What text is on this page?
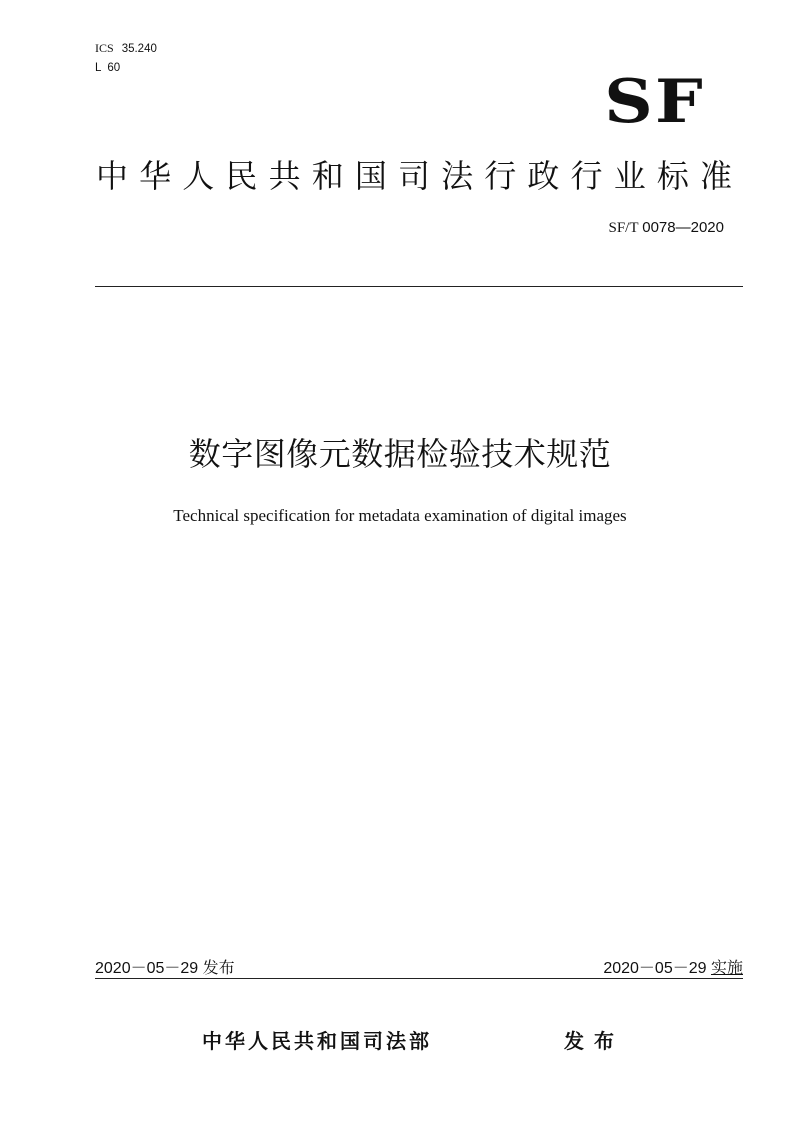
ICS 35.240
L 60	SF
中 华 人 民 共 和 国 司 法 行 政 行 业 标 准
SF/T 0078—2020
数字图像元数据检验技术规范
Technical specification for metadata examination of digital images
2020－05－29 发布	2020－05－29 实施
中华人民共和国司法部	发布
